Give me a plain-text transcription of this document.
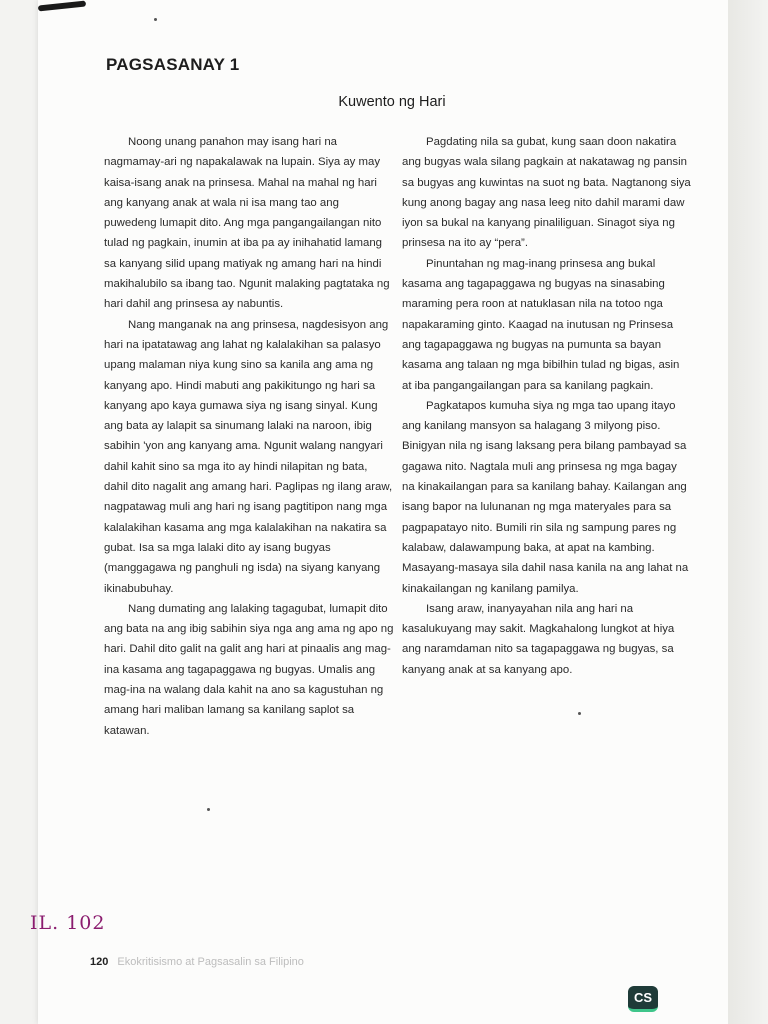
PAGSASANAY 1
Kuwento ng Hari

Noong unang panahon may isang hari na nagmamay-ari ng napakalawak na lupain. Siya ay may kaisa-isang anak na prinsesa. Mahal na mahal ng hari ang kanyang anak at wala ni isa mang tao ang puwedeng lumapit dito. Ang mga pangangailangan nito tulad ng pagkain, inumin at iba pa ay inihahatid lamang sa kanyang silid upang matiyak ng amang hari na hindi makihalubilo sa ibang tao. Ngunit malaking pagtataka ng hari dahil ang prinsesa ay nabuntis.

Nang manganak na ang prinsesa, nagdesisyon ang hari na ipatatawag ang lahat ng kalalakihan sa palasyo upang malaman niya kung sino sa kanila ang ama ng kanyang apo. Hindi mabuti ang pakikitungo ng hari sa kanyang apo kaya gumawa siya ng isang sinyal. Kung ang bata ay lalapit sa sinumang lalaki na naroon, ibig sabihin 'yon ang kanyang ama. Ngunit walang nangyari dahil kahit sino sa mga ito ay hindi nilapitan ng bata, dahil dito nagalit ang amang hari. Paglipas ng ilang araw, nagpatawag muli ang hari ng isang pagtitipon nang mga kalalakihan kasama ang mga kalalakihan na nakatira sa gubat. Isa sa mga lalaki dito ay isang bugyas (manggagawa ng panghuli ng isda) na siyang kanyang ikinabubuhay.

Nang dumating ang lalaking tagagubat, lumapit dito ang bata na ang ibig sabihin siya nga ang ama ng apo ng hari. Dahil dito galit na galit ang hari at pinaalis ang mag-ina kasama ang tagapaggawa ng bugyas. Umalis ang mag-ina na walang dala kahit na ano sa kagustuhan ng amang hari maliban lamang sa kanilang saplot sa katawan.

Pagdating nila sa gubat, kung saan doon nakatira ang bugyas wala silang pagkain at nakatawag ng pansin sa bugyas ang kuwintas na suot ng bata. Nagtanong siya kung anong bagay ang nasa leeg nito dahil marami daw iyon sa bukal na kanyang pinaliliguan. Sinagot siya ng prinsesa na ito ay “pera”.

Pinuntahan ng mag-inang prinsesa ang bukal kasama ang tagapaggawa ng bugyas na sinasabing maraming pera roon at natuklasan nila na totoo nga napakaraming ginto. Kaagad na inutusan ng Prinsesa ang tagapaggawa ng bugyas na pumunta sa bayan kasama ang talaan ng mga bibilhin tulad ng bigas, asin at iba pangangailangan para sa kanilang pagkain.

Pagkatapos kumuha siya ng mga tao upang itayo ang kanilang mansyon sa halagang 3 milyong piso. Binigyan nila ng isang laksang pera bilang pambayad sa gagawa nito. Nagtala muli ang prinsesa ng mga bagay na kinakailangan para sa kanilang bahay. Kailangan ang isang bapor na lulunanan ng mga materyales para sa pagpapatayo nito. Bumili rin sila ng sampung pares ng kalabaw, dalawampung baka, at apat na kambing. Masayang-masaya sila dahil nasa kanila na ang lahat na kinakailangan ng kanilang pamilya.

Isang araw, inanyayahan nila ang hari na kasalukuyang may sakit. Magkahalong lungkot at hiya ang naramdaman nito sa tagapaggawa ng bugyas, sa kanyang anak at sa kanyang apo.

IL. 102
120 Ekokritisismo at Pagsasalin sa Filipino
CS
